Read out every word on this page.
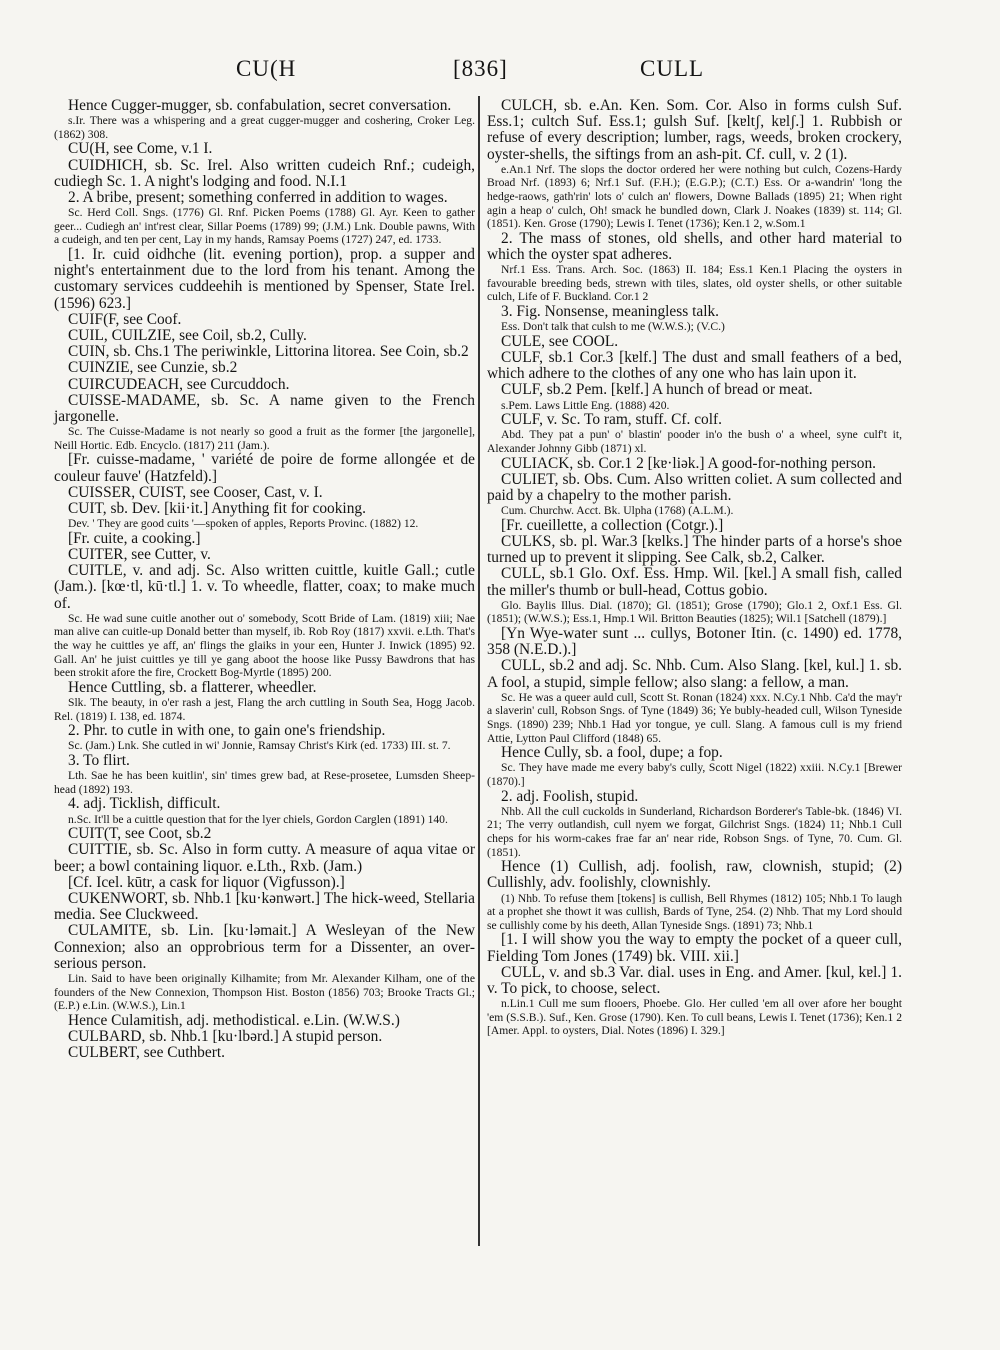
CU(H	[836]	CULL

Hence Cugger-mugger, sb. confabulation, secret conversation.

s.Ir. There was a whispering and a great cugger-mugger and coshering, Croker Leg. (1862) 308.

CU(H, see Come, v.1 I.

CUIDHICH, sb. Sc. Irel. Also written cudeich Rnf.; cudeigh, cudiegh Sc. 1. A night's lodging and food. N.I.1

2. A bribe, present; something conferred in addition to wages.

Sc. Herd Coll. Sngs. (1776) Gl. Rnf. Picken Poems (1788) Gl. Ayr. Keen to gather geer... Cudiegh an' int'rest clear, Sillar Poems (1789) 99; (J.M.) Lnk. Double pawns, With a cudeigh, and ten per cent, Lay in my hands, Ramsay Poems (1727) 247, ed. 1733.

[1. Ir. cuid oidhche (lit. evening portion), prop. a supper and night's entertainment due to the lord from his tenant. Among the customary services cuddeehih is mentioned by Spenser, State Irel. (1596) 623.]

CUIF(F, see Coof.

CUIL, CUILZIE, see Coil, sb.2, Cully.

CUIN, sb. Chs.1 The periwinkle, Littorina litorea. See Coin, sb.2

CUINZIE, see Cunzie, sb.2

CUIRCUDEACH, see Curcuddoch.

CUISSE-MADAME, sb. Sc. A name given to the French jargonelle.

Sc. The Cuisse-Madame is not nearly so good a fruit as the former [the jargonelle], Neill Hortic. Edb. Encyclo. (1817) 211 (Jam.).

[Fr. cuisse-madame, ' variété de poire de forme allongée et de couleur fauve' (Hatzfeld).]

CUISSER, CUIST, see Cooser, Cast, v. I.

CUIT, sb. Dev. [kii·it.] Anything fit for cooking.

Dev. ' They are good cuits '—spoken of apples, Reports Provinc. (1882) 12.

[Fr. cuite, a cooking.]

CUITER, see Cutter, v.

CUITLE, v. and adj. Sc. Also written cuittle, kuitle Gall.; cutle (Jam.). [kœ·tl, kū·tl.] 1. v. To wheedle, flatter, coax; to make much of.

Sc. He wad sune cuitle another out o' somebody, Scott Bride of Lam. (1819) xiii; Nae man alive can cuitle-up Donald better than myself, ib. Rob Roy (1817) xxvii. e.Lth. That's the way he cuittles ye aff, an' flings the glaiks in your een, Hunter J. Inwick (1895) 92. Gall. An' he juist cuittles ye till ye gang aboot the hoose like Pussy Bawdrons that has been strokit afore the fire, Crockett Bog-Myrtle (1895) 200.

Hence Cuttling, sb. a flatterer, wheedler.

Slk. The beauty, in o'er rash a jest, Flang the arch cuttling in South Sea, Hogg Jacob. Rel. (1819) I. 138, ed. 1874.

2. Phr. to cutle in with one, to gain one's friendship.

Sc. (Jam.) Lnk. She cutled in wi' Jonnie, Ramsay Christ's Kirk (ed. 1733) III. st. 7.

3. To flirt.

Lth. Sae he has been kuitlin', sin' times grew bad, at Rese-prosetee, Lumsden Sheep-head (1892) 193.

4. adj. Ticklish, difficult.

n.Sc. It'll be a cuittle question that for the lyer chiels, Gordon Carglen (1891) 140.

CUIT(T, see Coot, sb.2

CUITTIE, sb. Sc. Also in form cutty. A measure of aqua vitae or beer; a bowl containing liquor. e.Lth., Rxb. (Jam.)

[Cf. Icel. kūtr, a cask for liquor (Vigfusson).]

CUKENWORT, sb. Nhb.1 [ku·kənwərt.] The hick-weed, Stellaria media. See Cluckweed.

CULAMITE, sb. Lin. [ku·ləmait.] A Wesleyan of the New Connexion; also an opprobrious term for a Dissenter, an over-serious person.

Lin. Said to have been originally Kilhamite; from Mr. Alexander Kilham, one of the founders of the New Connexion, Thompson Hist. Boston (1856) 703; Brooke Tracts Gl.; (E.P.) e.Lin. (W.W.S.), Lin.1

Hence Culamitish, adj. methodistical. e.Lin. (W.W.S.)

CULBARD, sb. Nhb.1 [ku·lbərd.] A stupid person.

CULBERT, see Cuthbert.

CULCH, sb. e.An. Ken. Som. Cor. Also in forms culsh Suf. Ess.1; cultch Suf. Ess.1; gulsh Suf. [kɐltʃ, kɐlʃ.] 1. Rubbish or refuse of every description; lumber, rags, weeds, broken crockery, oyster-shells, the siftings from an ash-pit. Cf. cull, v. 2 (1).

e.An.1 Nrf. The slops the doctor ordered her were nothing but culch, Cozens-Hardy Broad Nrf. (1893) 6; Nrf.1 Suf. (F.H.); (E.G.P.); (C.T.) Ess. Or a-wandrin' 'long the hedge-raows, gath'rin' lots o' culch an' flowers, Downe Ballads (1895) 21; When right agin a heap o' culch, Oh! smack he bundled down, Clark J. Noakes (1839) st. 114; Gl. (1851). Ken. Grose (1790); Lewis I. Tenet (1736); Ken.1 2, w.Som.1

2. The mass of stones, old shells, and other hard material to which the oyster spat adheres.

Nrf.1 Ess. Trans. Arch. Soc. (1863) II. 184; Ess.1 Ken.1 Placing the oysters in favourable breeding beds, strewn with tiles, slates, old oyster shells, or other suitable culch, Life of F. Buckland. Cor.1 2

3. Fig. Nonsense, meaningless talk.

Ess. Don't talk that culsh to me (W.W.S.); (V.C.)

CULE, see COOL.

CULF, sb.1 Cor.3 [kɐlf.] The dust and small feathers of a bed, which adhere to the clothes of any one who has lain upon it.

CULF, sb.2 Pem. [kɐlf.] A hunch of bread or meat.

s.Pem. Laws Little Eng. (1888) 420.

CULF, v. Sc. To ram, stuff. Cf. colf.

Abd. They pat a pun' o' blastin' pooder in'o the bush o' a wheel, syne culf't it, Alexander Johnny Gibb (1871) xl.

CULIACK, sb. Cor.1 2 [kɐ·liək.] A good-for-nothing person.

CULIET, sb. Obs. Cum. Also written coliet. A sum collected and paid by a chapelry to the mother parish.

Cum. Churchw. Acct. Bk. Ulpha (1768) (A.L.M.).

[Fr. cueillette, a collection (Cotgr.).]

CULKS, sb. pl. War.3 [kɐlks.] The hinder parts of a horse's shoe turned up to prevent it slipping. See Calk, sb.2, Calker.

CULL, sb.1 Glo. Oxf. Ess. Hmp. Wil. [kɐl.] A small fish, called the miller's thumb or bull-head, Cottus gobio.

Glo. Baylis Illus. Dial. (1870); Gl. (1851); Grose (1790); Glo.1 2, Oxf.1 Ess. Gl. (1851); (W.W.S.); Ess.1, Hmp.1 Wil. Britton Beauties (1825); Wil.1 [Satchell (1879).]

[Yn Wye-water sunt ... cullys, Botoner Itin. (c. 1490) ed. 1778, 358 (N.E.D.).]

CULL, sb.2 and adj. Sc. Nhb. Cum. Also Slang. [kɐl, kul.] 1. sb. A fool, a stupid, simple fellow; also slang: a fellow, a man.

Sc. He was a queer auld cull, Scott St. Ronan (1824) xxx. N.Cy.1 Nhb. Ca'd the may'r a slaverin' cull, Robson Sngs. of Tyne (1849) 36; Ye bubly-headed cull, Wilson Tyneside Sngs. (1890) 239; Nhb.1 Had yor tongue, ye cull. Slang. A famous cull is my friend Attie, Lytton Paul Clifford (1848) 65.

Hence Cully, sb. a fool, dupe; a fop.

Sc. They have made me every baby's cully, Scott Nigel (1822) xxiii. N.Cy.1 [Brewer (1870).]

2. adj. Foolish, stupid.

Nhb. All the cull cuckolds in Sunderland, Richardson Borderer's Table-bk. (1846) VI. 21; The verry outlandish, cull nyem we forgat, Gilchrist Sngs. (1824) 11; Nhb.1 Cull cheps for his worm-cakes frae far an' near ride, Robson Sngs. of Tyne, 70. Cum. Gl. (1851).

Hence (1) Cullish, adj. foolish, raw, clownish, stupid; (2) Cullishly, adv. foolishly, clownishly.

(1) Nhb. To refuse them [tokens] is cullish, Bell Rhymes (1812) 105; Nhb.1 To laugh at a prophet she thowt it was cullish, Bards of Tyne, 254. (2) Nhb. That my Lord should se cullishly come by his deeth, Allan Tyneside Sngs. (1891) 73; Nhb.1

[1. I will show you the way to empty the pocket of a queer cull, Fielding Tom Jones (1749) bk. VIII. xii.]

CULL, v. and sb.3 Var. dial. uses in Eng. and Amer. [kul, kɐl.] 1. v. To pick, to choose, select.

n.Lin.1 Cull me sum flooers, Phoebe. Glo. Her culled 'em all over afore her bought 'em (S.S.B.). Suf., Ken. Grose (1790). Ken. To cull beans, Lewis I. Tenet (1736); Ken.1 2 [Amer. Appl. to oysters, Dial. Notes (1896) I. 329.]
